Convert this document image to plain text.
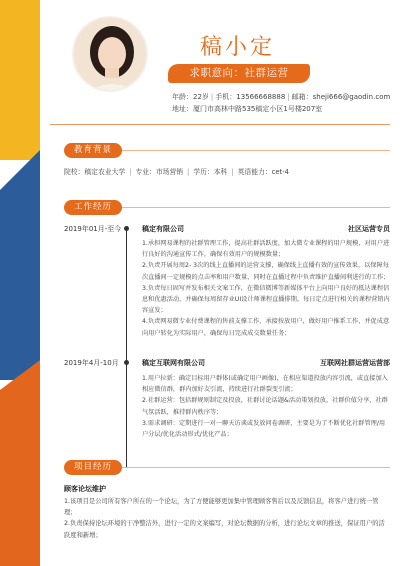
稿小定
求职意向：社群运营
年龄：22岁 | 手机：13566668888 | 邮箱：sheji666@gaodin.com
地址：厦门市高林中路535稿定小区1号楼207室
教育背景
院校：稿定农业大学 | 专业：市场营销 | 学历：本科 | 英语能力：cet-4
工作经历
2019年01月-至今	稿定有限公司	社区运营专员

1.承担网易课程的社群管理工作，提高社群活跃度，加大微专业课程的用户规模，对用户进行良好的沟通宣传工作，确保有效用户的规模数量；

2.负责开展每周2- 3次的线上直播间的运营支撑，确保线上直播有效的宣传效果，以保障每次直播间一定规模的点击率和用户数量，同时在直播过程中负责维护直播间利进行的工作；

3.负责每日固写并发布相关文案工作，在微信微博等新媒体平台上向用户良好的抵达课程信息和优惠活动，并确保每周留存业UI设计师课程直播排期，每日定点进行相关的课程营销内容宣发；

4.负责网易微专业付费课程的售前支撑工作，承接按放用户，做好用户推系工作，并促成意向用户转化为实际用户，确保每日完成成交数量任务；

2019年4月-10月	稿定互联网有限公司	互联网社群运营运营部

1.用户拉新：确定目标用户群体(或确定用户画像)，在相应渠道投放内容引流，或直接加入相应微信群，群内加好友引流，持续进行社群裂变引流；

2.社群运营：包括群规则制定及投放，社群讨论话题&活动策划投放，社群价值分享，社群气氛活跃，推持群内秩序等；

3.需求调研：定期进行一对一聊天访谈或发放问卷调研，主要是为了不断优化社群管理/用户分层/优化活动形式/优化产品；

项目经历
顾客论坛维护

1.该项目是公司所有客户所在的一个论坛，为了方便能够更加集中管理顾客售后以及反馈信息，将客户进行统一管理；

2.负责保持论坛环境的干净整洁外，进行一定的文案编写，对论坛数据的分析，进行论坛文章的推送，保证用户的活跃度和新增；
